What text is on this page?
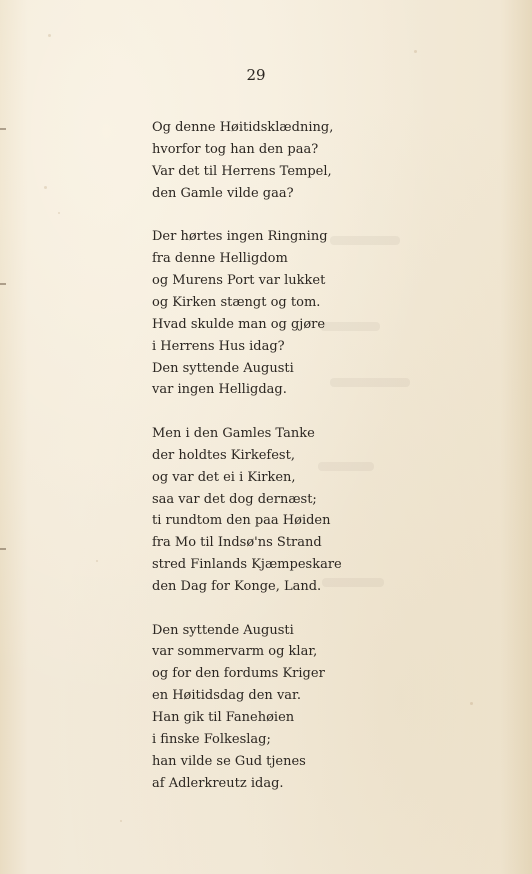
29
Og denne Høitidsklædning,
hvorfor tog han den paa?
Var det til Herrens Tempel,
den Gamle vilde gaa?
Der hørtes ingen Ringning
fra denne Helligdom
og Murens Port var lukket
og Kirken stængt og tom.
Hvad skulde man og gjøre
i Herrens Hus idag?
Den syttende Augusti
var ingen Helligdag.
Men i den Gamles Tanke
der holdtes Kirkefest,
og var det ei i Kirken,
saa var det dog dernæst;
ti rundtom den paa Høiden
fra Mo til Indsø'ns Strand
stred Finlands Kjæmpeskare
den Dag for Konge, Land.
Den syttende Augusti
var sommervarm og klar,
og for den fordums Kriger
en Høitidsdag den var.
Han gik til Fanehøien
i finske Folkeslag;
han vilde se Gud tjenes
af Adlerkreutz idag.
